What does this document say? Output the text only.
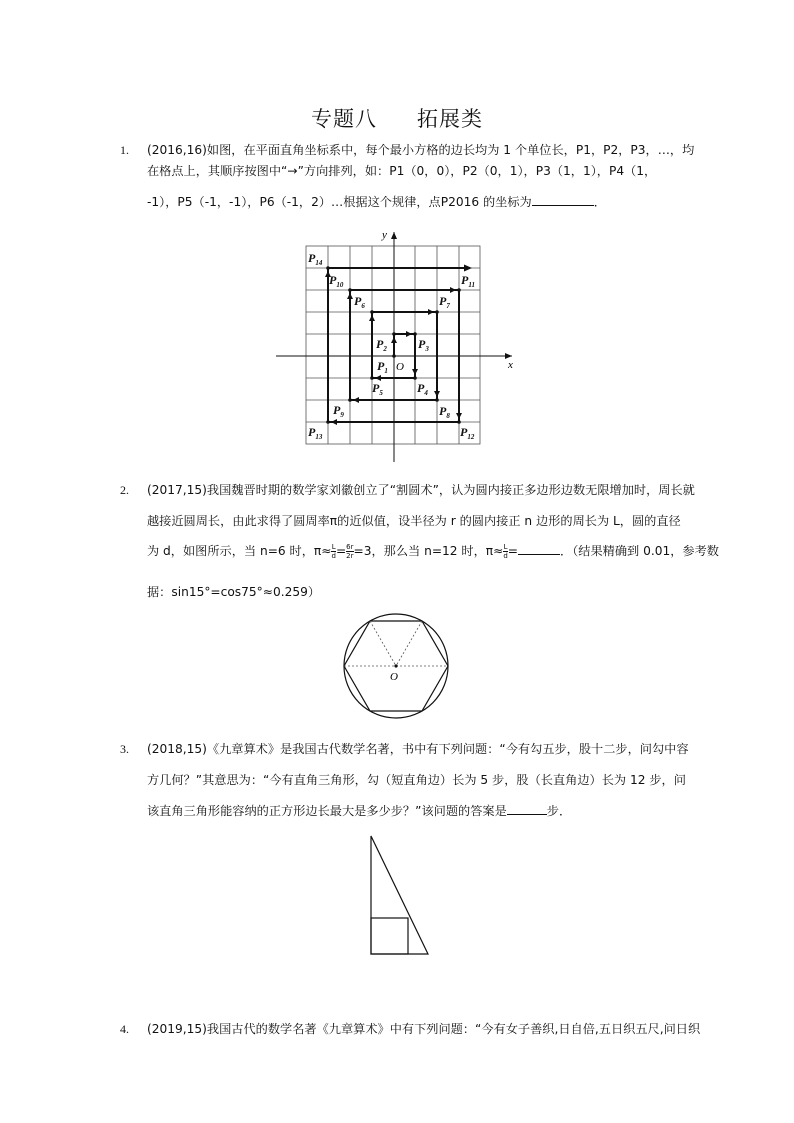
专题八 拓展类
1. (2016,16)如图，在平面直角坐标系中，每个最小方格的边长均为 1 个单位长，P1，P2，P3，…，均
在格点上，其顺序按图中“→”方向排列，如：P1（0，0），P2（0，1），P3（1，1），P4（1，
-1），P5（-1，-1），P6（-1，2）…根据这个规律，点P2016 的坐标为	．
x
y
O
$P_1$
$P_2$	$P_3$
$P_4$
$P_5$
$P_6$	$P_7$
$P_8$
$P_9$
$P_{10}$	$P_{11}$
$P_{12}$
$P_{13}$
$P_{14}$
2. (2017,15)我国魏晋时期的数学家刘徽创立了“割圆术”，认为圆内接正多边形边数无限增加时，周长就
越接近圆周长，由此求得了圆周率π的近似值，设半径为 r 的圆内接正 n 边形的周长为 L，圆的直径
为 d，如图所示，当 n=6 时，$\pi\approx \frac{L}{d} = \frac{6r}{2r} =3$，那么当 n=12 时，$\pi\approx \frac{L}{d}$ =	．（结果精确到 0.01，参考数
据：sin15°=cos75°≈0.259）
O
3. (2018,15)《九章算术》是我国古代数学名著，书中有下列问题：“今有勾五步，股十二步，问勾中容
方几何？”其意思为：“今有直角三角形，勾（短直角边）长为 5 步，股（长直角边）长为 12 步，问
该直角三角形能容纳的正方形边长最大是多少步？”该问题的答案是	步．
4. (2019,15)我国古代的数学名著《九章算术》中有下列问题：“今有女子善织,日自倍,五日织五尺,问日织
